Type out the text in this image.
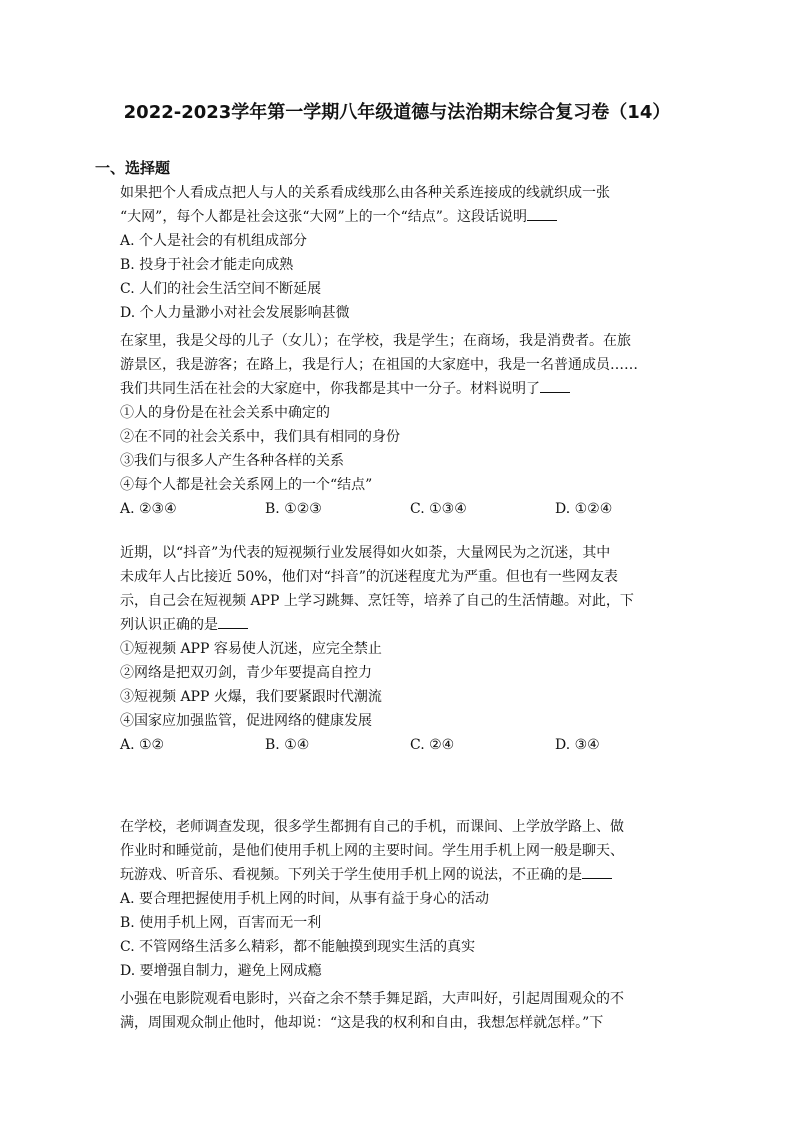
2022-2023学年第一学期八年级道德与法治期末综合复习卷（14）
一、选择题

如果把个人看成点把人与人的关系看成线那么由各种关系连接成的线就织成一张

“大网”，每个人都是社会这张“大网”上的一个“结点”。这段话说明

A. 个人是社会的有机组成部分

B. 投身于社会才能走向成熟

C. 人们的社会生活空间不断延展

D. 个人力量渺小对社会发展影响甚微

在家里，我是父母的儿子（女儿）；在学校，我是学生；在商场，我是消费者。在旅

游景区，我是游客；在路上，我是行人；在祖国的大家庭中，我是一名普通成员……

我们共同生活在社会的大家庭中，你我都是其中一分子。材料说明了

①人的身份是在社会关系中确定的

②在不同的社会关系中，我们具有相同的身份

③我们与很多人产生各种各样的关系

④每个人都是社会关系网上的一个“结点”

A. ②③④	B. ①②③	C. ①③④	D. ①②④

近期，以“抖音”为代表的短视频行业发展得如火如荼，大量网民为之沉迷，其中

未成年人占比接近 50%，他们对“抖音”的沉迷程度尤为严重。但也有一些网友表

示，自己会在短视频 APP 上学习跳舞、烹饪等，培养了自己的生活情趣。对此，下

列认识正确的是

①短视频 APP 容易使人沉迷，应完全禁止

②网络是把双刃剑，青少年要提高自控力

③短视频 APP 火爆，我们要紧跟时代潮流

④国家应加强监管，促进网络的健康发展

A. ①②	B. ①④	C. ②④	D. ③④

在学校，老师调查发现，很多学生都拥有自己的手机，而课间、上学放学路上、做

作业时和睡觉前，是他们使用手机上网的主要时间。学生用手机上网一般是聊天、

玩游戏、听音乐、看视频。下列关于学生使用手机上网的说法，不正确的是

A. 要合理把握使用手机上网的时间，从事有益于身心的活动

B. 使用手机上网，百害而无一利

C. 不管网络生活多么精彩，都不能触摸到现实生活的真实

D. 要增强自制力，避免上网成瘾

小强在电影院观看电影时，兴奋之余不禁手舞足蹈，大声叫好，引起周围观众的不

满，周围观众制止他时，他却说：“这是我的权利和自由，我想怎样就怎样。”下
